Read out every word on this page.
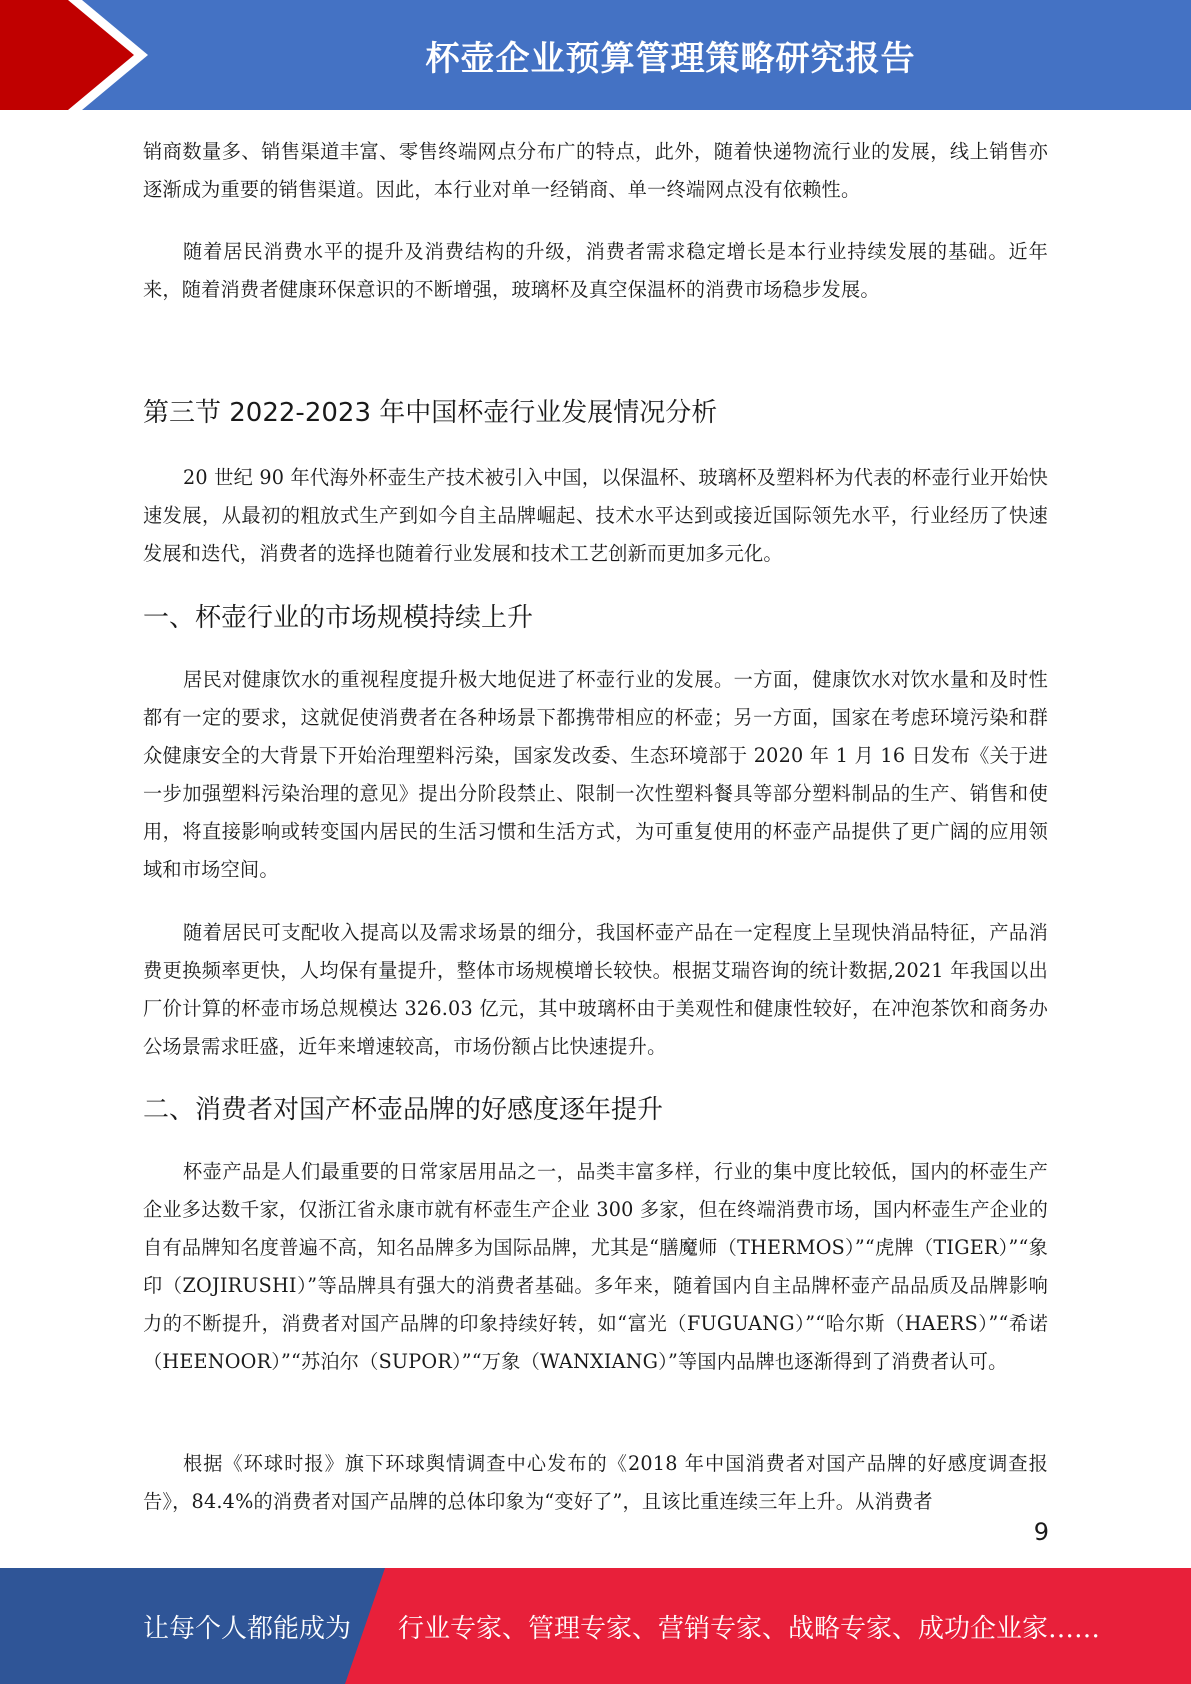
杯壶企业预算管理策略研究报告

销商数量多、销售渠道丰富、零售终端网点分布广的特点，此外，随着快递物流行业的发展，线上销售亦逐渐成为重要的销售渠道。因此，本行业对单一经销商、单一终端网点没有依赖性。

随着居民消费水平的提升及消费结构的升级，消费者需求稳定增长是本行业持续发展的基础。近年来，随着消费者健康环保意识的不断增强，玻璃杯及真空保温杯的消费市场稳步发展。

第三节 2022-2023 年中国杯壶行业发展情况分析

20 世纪 90 年代海外杯壶生产技术被引入中国，以保温杯、玻璃杯及塑料杯为代表的杯壶行业开始快速发展，从最初的粗放式生产到如今自主品牌崛起、技术水平达到或接近国际领先水平，行业经历了快速发展和迭代，消费者的选择也随着行业发展和技术工艺创新而更加多元化。

一、杯壶行业的市场规模持续上升

居民对健康饮水的重视程度提升极大地促进了杯壶行业的发展。一方面，健康饮水对饮水量和及时性都有一定的要求，这就促使消费者在各种场景下都携带相应的杯壶；另一方面，国家在考虑环境污染和群众健康安全的大背景下开始治理塑料污染，国家发改委、生态环境部于 2020 年 1 月 16 日发布《关于进一步加强塑料污染治理的意见》提出分阶段禁止、限制一次性塑料餐具等部分塑料制品的生产、销售和使用，将直接影响或转变国内居民的生活习惯和生活方式，为可重复使用的杯壶产品提供了更广阔的应用领域和市场空间。

随着居民可支配收入提高以及需求场景的细分，我国杯壶产品在一定程度上呈现快消品特征，产品消费更换频率更快，人均保有量提升，整体市场规模增长较快。根据艾瑞咨询的统计数据,2021 年我国以出厂价计算的杯壶市场总规模达 326.03 亿元，其中玻璃杯由于美观性和健康性较好，在冲泡茶饮和商务办公场景需求旺盛，近年来增速较高，市场份额占比快速提升。

二、消费者对国产杯壶品牌的好感度逐年提升

杯壶产品是人们最重要的日常家居用品之一，品类丰富多样，行业的集中度比较低，国内的杯壶生产企业多达数千家，仅浙江省永康市就有杯壶生产企业 300 多家，但在终端消费市场，国内杯壶生产企业的自有品牌知名度普遍不高，知名品牌多为国际品牌，尤其是“膳魔师（THERMOS）”“虎牌（TIGER）”“象印（ZOJIRUSHI）”等品牌具有强大的消费者基础。多年来，随着国内自主品牌杯壶产品品质及品牌影响力的不断提升，消费者对国产品牌的印象持续好转，如“富光（FUGUANG）”“哈尔斯（HAERS）”“希诺（HEENOOR）”“苏泊尔（SUPOR）”“万象（WANXIANG）”等国内品牌也逐渐得到了消费者认可。

根据《环球时报》旗下环球舆情调查中心发布的《2018 年中国消费者对国产品牌的好感度调查报告》，84.4%的消费者对国产品牌的总体印象为“变好了”，且该比重连续三年上升。从消费者

9
让每个人都能成为 行业专家、管理专家、营销专家、战略专家、成功企业家……
